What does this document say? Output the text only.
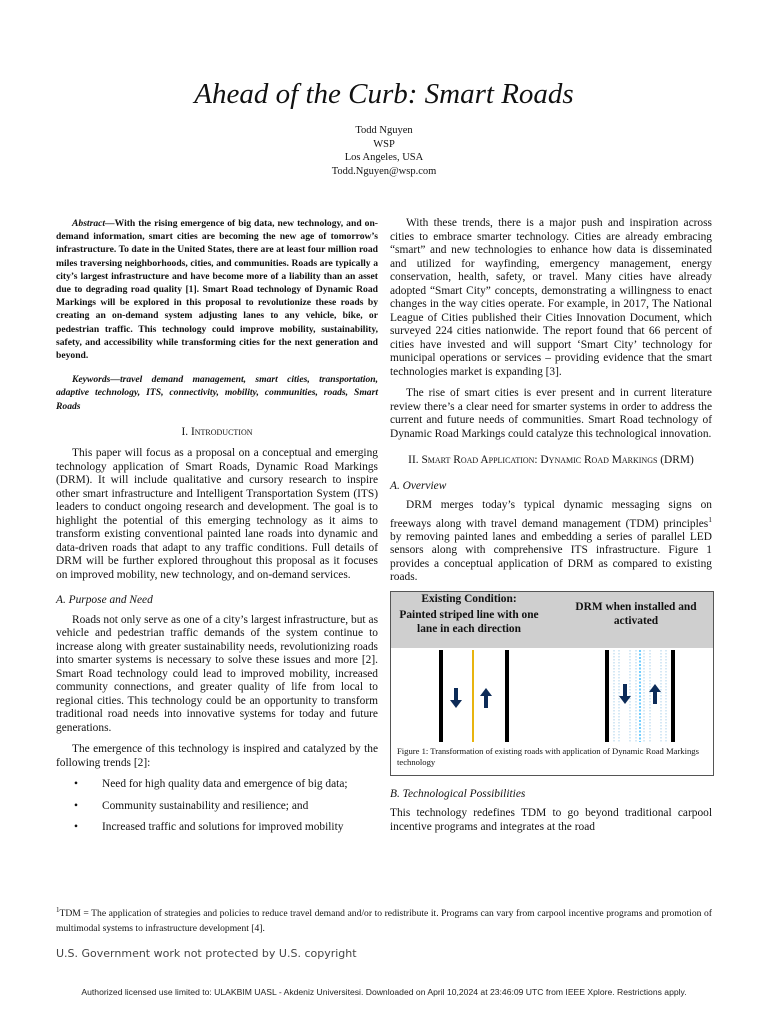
Ahead of the Curb: Smart Roads
Todd Nguyen
WSP
Los Angeles, USA
Todd.Nguyen@wsp.com

Abstract—With the rising emergence of big data, new technology, and on-demand information, smart cities are becoming the new age of tomorrow’s infrastructure. To date in the United States, there are at least four million road miles traversing neighborhoods, cities, and communities. Roads are typically a city’s largest infrastructure and have become more of a liability than an asset due to degrading road quality [1]. Smart Road technology of Dynamic Road Markings will be explored in this proposal to revolutionize these roads by creating an on-demand system adjusting lanes to any vehicle, bike, or pedestrian traffic. This technology could improve mobility, sustainability, safety, and accessibility while transforming cities for the next generation and beyond.

Keywords—travel demand management, smart cities, transportation, adaptive technology, ITS, connectivity, mobility, communities, roads, Smart Roads

I. Introduction

This paper will focus as a proposal on a conceptual and emerging technology application of Smart Roads, Dynamic Road Markings (DRM). It will include qualitative and cursory research to inspire other smart infrastructure and Intelligent Transportation System (ITS) leaders to conduct ongoing research and development. The goal is to highlight the potential of this emerging technology as it aims to transform existing conventional painted lane roads into dynamic and data-driven roads that adapt to any traffic conditions. Full details of DRM will be further explored throughout this proposal as it focuses on improved mobility, new technology, and on-demand services.

A. Purpose and Need

Roads not only serve as one of a city’s largest infrastructure, but as vehicle and pedestrian traffic demands of the system continue to increase along with greater sustainability needs, revolutionizing roads into smarter systems is necessary to solve these issues and more [2]. Smart Road technology could lead to improved mobility, increased community connections, and greater quality of life from local to regional cities. This technology could be an opportunity to transform traditional road needs into innovative systems for today and future generations.

The emergence of this technology is inspired and catalyzed by the following trends [2]:

• Need for high quality data and emergence of big data;
• Community sustainability and resilience; and
• Increased traffic and solutions for improved mobility

With these trends, there is a major push and inspiration across cities to embrace smarter technology. Cities are already embracing “smart” and new technologies to enhance how data is disseminated and utilized for wayfinding, emergency management, energy conservation, health, safety, or travel. Many cities have already adopted “Smart City” concepts, demonstrating a willingness to enact changes in the way cities operate. For example, in 2017, The National League of Cities published their Cities Innovation Document, which surveyed 224 cities nationwide. The report found that 66 percent of cities have invested and will support ‘Smart City’ technology for municipal operations or services – providing evidence that the smart technologies market is expanding [3].

The rise of smart cities is ever present and in current literature review there’s a clear need for smarter systems in order to address the current and future needs of communities. Smart Road technology of Dynamic Road Markings could catalyze this technological innovation.

II. Smart Road Application: Dynamic Road Markings (DRM)
A. Overview

DRM merges today’s typical dynamic messaging signs on freeways along with travel demand management (TDM) principles$^1$ by removing painted lanes and embedding a series of parallel LED sensors along with comprehensive ITS infrastructure. Figure 1 provides a conceptual application of DRM as compared to existing roads.

Existing Condition:
Painted striped line with one lane in each direction
DRM when installed and activated
Figure 1: Transformation of existing roads with application of Dynamic Road Markings technology
B. Technological Possibilities

This technology redefines TDM to go beyond traditional carpool incentive programs and integrates at the road

$^1$TDM = The application of strategies and policies to reduce travel demand and/or to redistribute it. Programs can vary from carpool incentive programs and promotion of multimodal systems to infrastructure development [4].
U.S. Government work not protected by U.S. copyright
Authorized licensed use limited to: ULAKBIM UASL - Akdeniz Universitesi. Downloaded on April 10,2024 at 23:46:09 UTC from IEEE Xplore. Restrictions apply.
